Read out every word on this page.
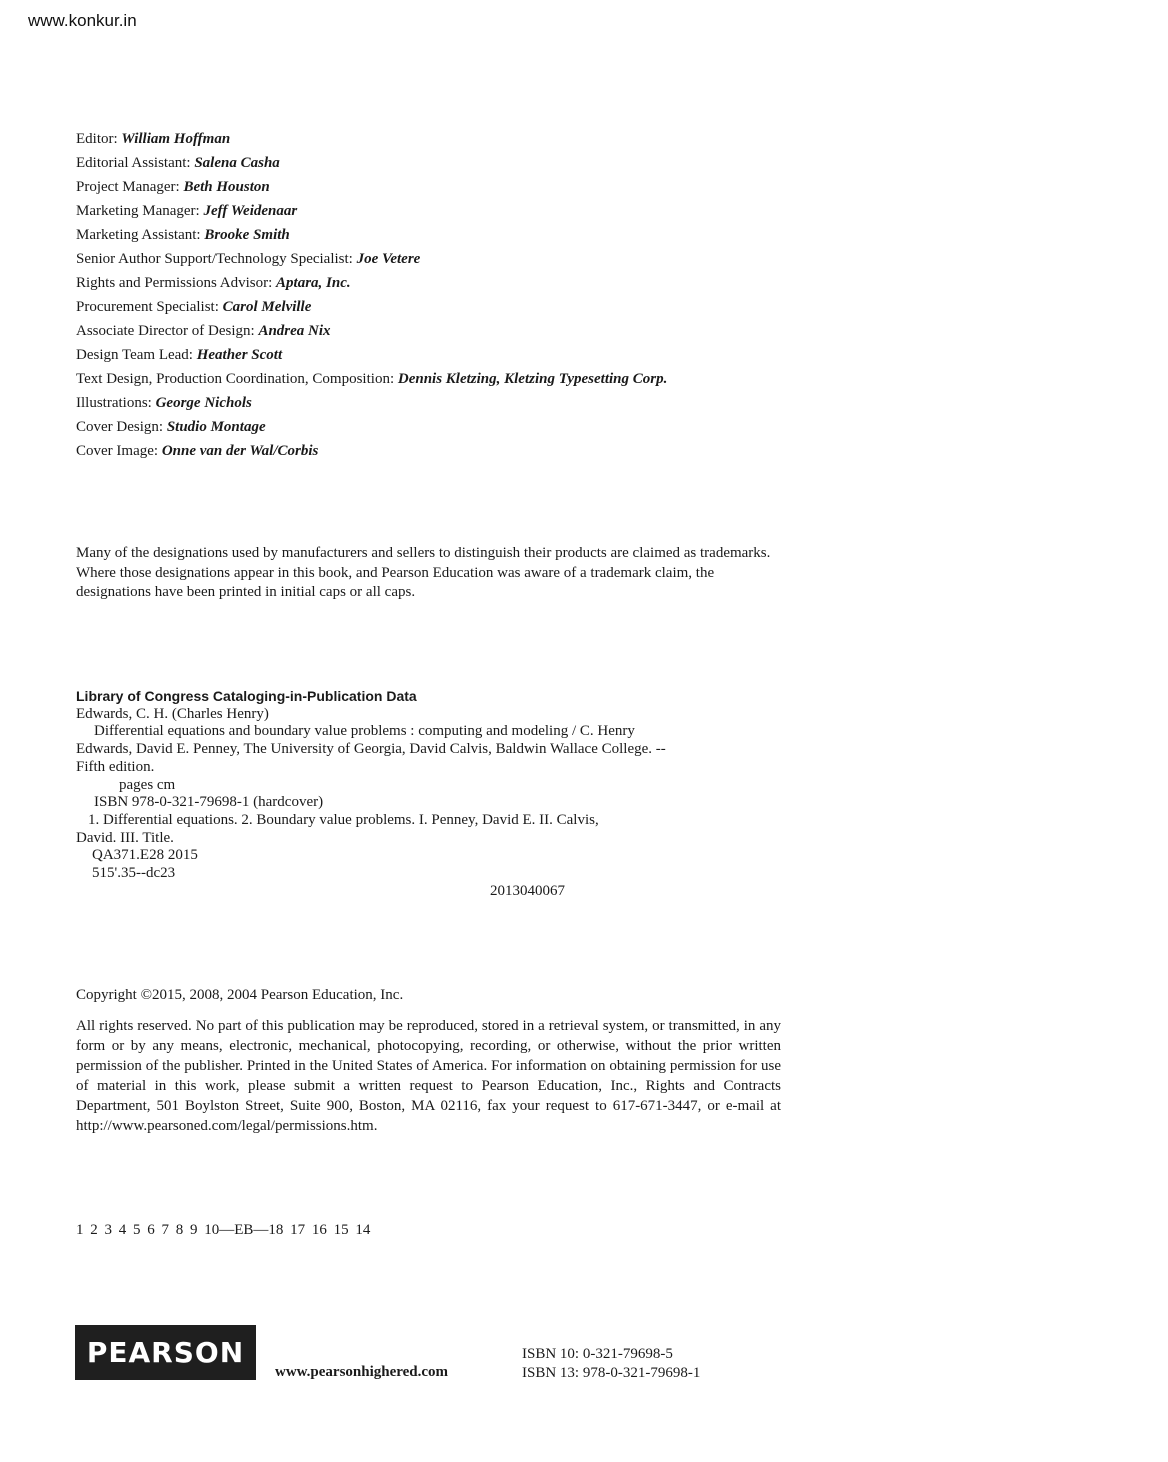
www.konkur.in
Editor: William Hoffman
Editorial Assistant: Salena Casha
Project Manager: Beth Houston
Marketing Manager: Jeff Weidenaar
Marketing Assistant: Brooke Smith
Senior Author Support/Technology Specialist: Joe Vetere
Rights and Permissions Advisor: Aptara, Inc.
Procurement Specialist: Carol Melville
Associate Director of Design: Andrea Nix
Design Team Lead: Heather Scott
Text Design, Production Coordination, Composition: Dennis Kletzing, Kletzing Typesetting Corp.
Illustrations: George Nichols
Cover Design: Studio Montage
Cover Image: Onne van der Wal/Corbis

Many of the designations used by manufacturers and sellers to distinguish their products are claimed as trademarks. Where those designations appear in this book, and Pearson Education was aware of a trademark claim, the designations have been printed in initial caps or all caps.

Library of Congress Cataloging-in-Publication Data
Edwards, C. H. (Charles Henry)
Differential equations and boundary value problems : computing and modeling / C. Henry
Edwards, David E. Penney, The University of Georgia, David Calvis, Baldwin Wallace College. --
Fifth edition.
pages cm
ISBN 978-0-321-79698-1 (hardcover)
1. Differential equations. 2. Boundary value problems. I. Penney, David E. II. Calvis,
David. III. Title.
QA371.E28 2015
515'.35--dc23
2013040067
Copyright ©2015, 2008, 2004 Pearson Education, Inc.

All rights reserved. No part of this publication may be reproduced, stored in a retrieval system, or transmitted, in any form or by any means, electronic, mechanical, photocopying, recording, or otherwise, without the prior written permission of the publisher. Printed in the United States of America. For information on obtaining permission for use of material in this work, please submit a written request to Pearson Education, Inc., Rights and Contracts Department, 501 Boylston Street, Suite 900, Boston, MA 02116, fax your request to 617-671-3447, or e-mail at http://www.pearsoned.com/legal/permissions.htm.

1 2 3 4 5 6 7 8 9 10—EB—18 17 16 15 14
PEARSON
www.pearsonhighered.com
ISBN 10: 0-321-79698-5
ISBN 13: 978-0-321-79698-1
